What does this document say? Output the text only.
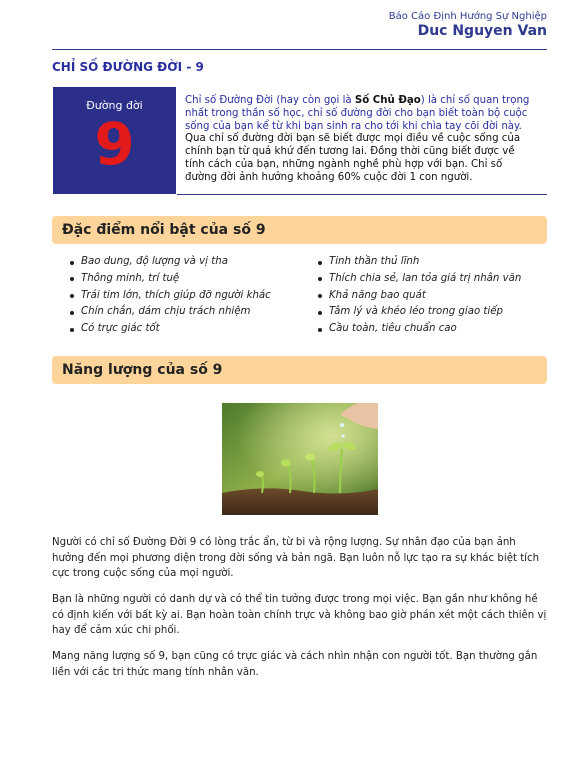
Báo Cáo Định Hướng Sự Nghiệp
Duc Nguyen Van
CHỈ SỐ ĐƯỜNG ĐỜI - 9
Đường đời
9
Chỉ số Đường Đời (hay còn gọi là Số Chủ Đạo) là chỉ số quan trọng nhất trong thần số học, chỉ số đường đời cho bạn biết toàn bộ cuộc sống của bạn kể từ khi bạn sinh ra cho tới khi chìa tay cõi đời này. Qua chỉ số đường đời bạn sẽ biết được mọi điều về cuộc sống của chính bạn từ quá khứ đến tương lai. Đồng thời cũng biết được về tính cách của bạn, những ngành nghề phù hợp với bạn. Chỉ số đường đời ảnh hưởng khoảng 60% cuộc đời 1 con người.
Đặc điểm nổi bật của số 9
Bao dung, độ lượng và vị tha
Thông minh, trí tuệ
Trái tim lớn, thích giúp đỡ người khác
Chín chắn, dám chịu trách nhiệm
Có trực giác tốt
Tinh thần thủ lĩnh
Thích chia sẻ, lan tỏa giá trị nhân văn
Khả năng bao quát
Tâm lý và khéo léo trong giao tiếp
Cầu toàn, tiêu chuẩn cao
Năng lượng của số 9
Người có chỉ số Đường Đời 9 có lòng trắc ẩn, từ bi và rộng lượng. Sự nhân đạo của bạn ảnh hưởng đến mọi phương diện trong đời sống và bản ngã. Bạn luôn nỗ lực tạo ra sự khác biệt tích cực trong cuộc sống của mọi người.
Bạn là những người có danh dự và có thể tin tưởng được trong mọi việc. Bạn gần như không hề có định kiến với bất kỳ ai. Bạn hoàn toàn chính trực và không bao giờ phán xét một cách thiên vị hay để cảm xúc chi phối.
Mang năng lượng số 9, bạn cũng có trực giác và cách nhìn nhận con người tốt. Bạn thường gắn liền với các tri thức mang tính nhân văn.
